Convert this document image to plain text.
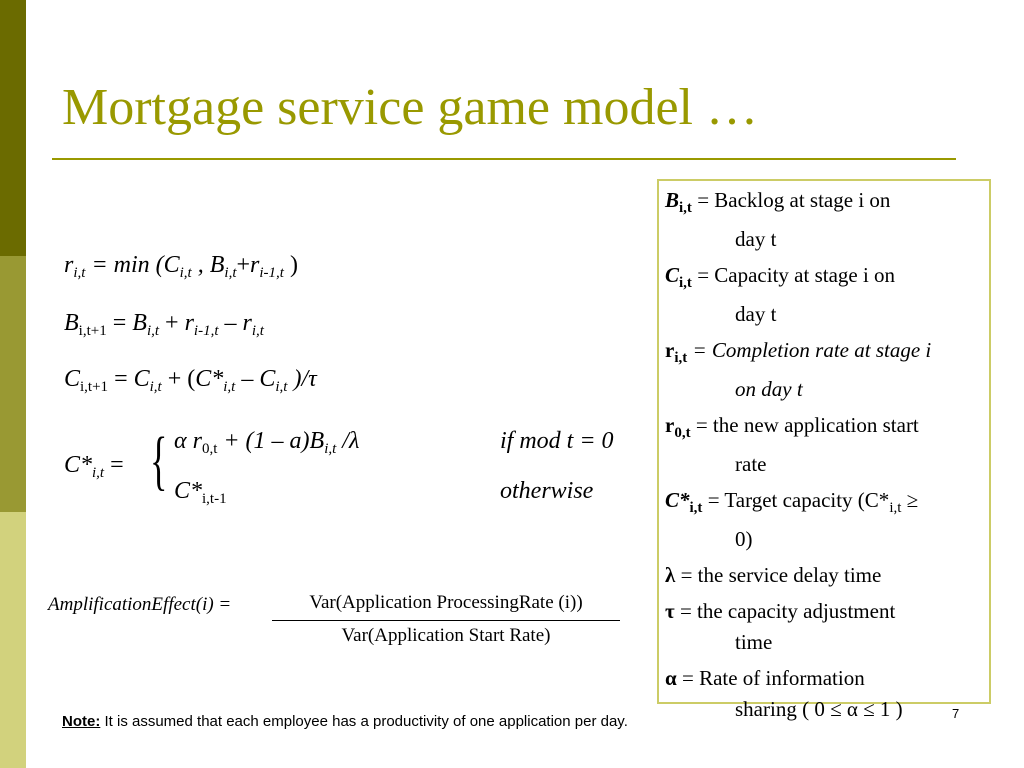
Mortgage service game model …
$r_{i,t} = \min (C_{i,t}$ , $B_{i,t}+r_{i-1,t}$ )
$B_{i,t+1} = B_{i,t} + r_{i-1,t} - r_{i,t}$
$C_{i,t+1} = C_{i,t} + (C*_{i,t} - C_{i,t}$ )/τ
$C*_{i,t}$ = { α $r_{0,t} + (1 - a)B_{i,t}$ /λ	if mod t = 0
$C*_{i,t-1}$	otherwise
AmplificationEffect(i) =	Var(Application ProcessingRate (i))
Var(Application Start Rate)
$B_{i,t}$ = Backlog at stage i on
day t
$C_{i,t}$ = Capacity at stage i on
day t
$r_{i,t}$ = Completion rate at stage i
on day t
$r_{0,t}$ = the new application start
rate
$C*_{i,t}$ = Target capacity ($C*_{i,t}$ ≥
0)
λ
= the service delay time
τ = the capacity adjustment
time
α
= Rate of information
sharing ( 0 ≤ α ≤ 1 )
Note: It is assumed that each employee has a productivity of one application per day.	7
